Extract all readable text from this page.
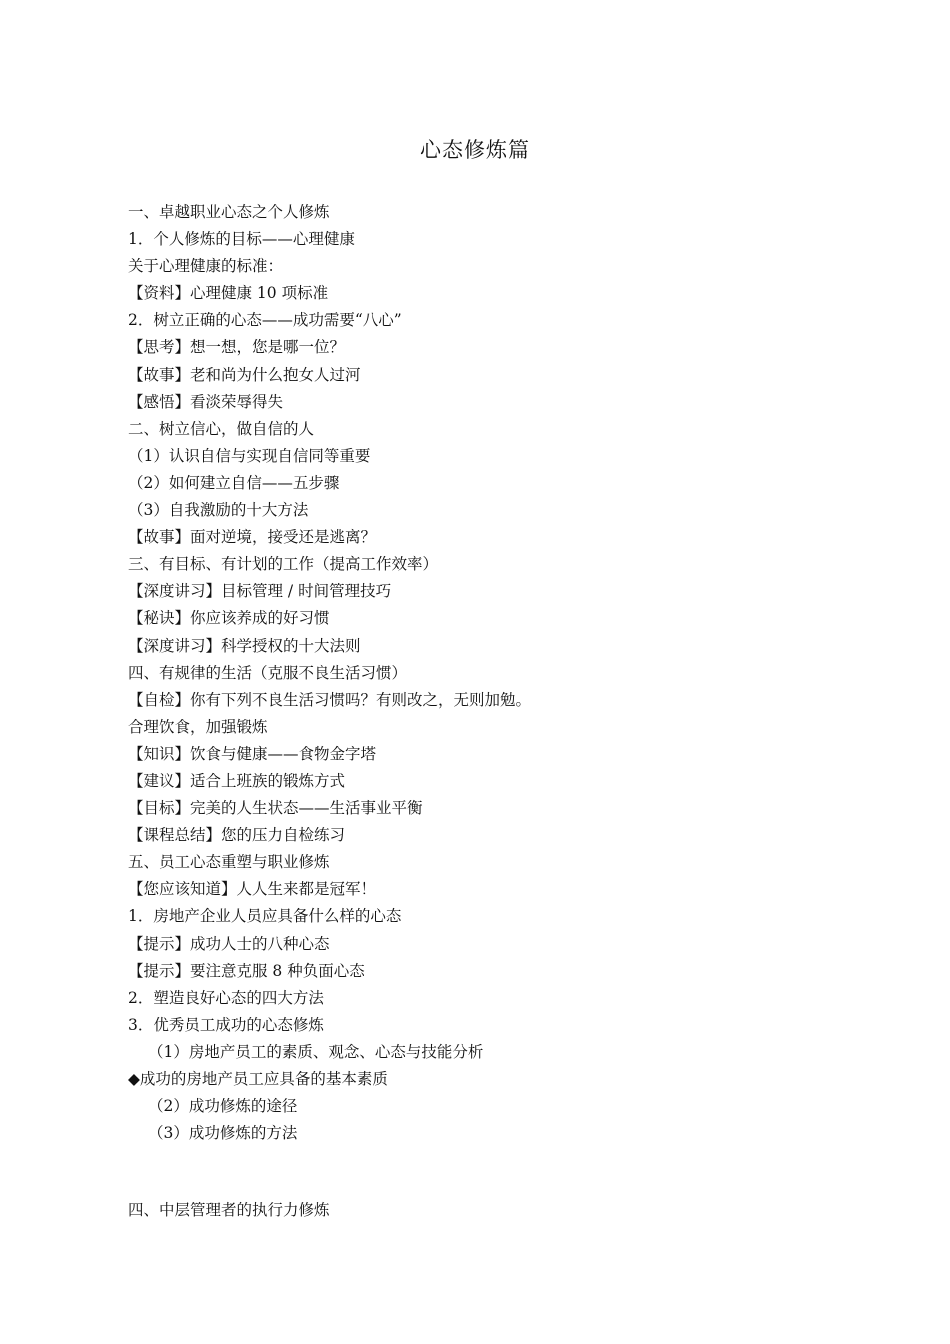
心态修炼篇
一、卓越职业心态之个人修炼
1．个人修炼的目标——心理健康
关于心理健康的标准：
【资料】心理健康 10 项标准
2．树立正确的心态——成功需要“八心”
【思考】想一想，您是哪一位？
【故事】老和尚为什么抱女人过河
【感悟】看淡荣辱得失
二、树立信心，做自信的人
（1）认识自信与实现自信同等重要
（2）如何建立自信——五步骤
（3）自我激励的十大方法
【故事】面对逆境，接受还是逃离？
三、有目标、有计划的工作（提高工作效率）
【深度讲习】目标管理 / 时间管理技巧
【秘诀】你应该养成的好习惯
【深度讲习】科学授权的十大法则
四、有规律的生活（克服不良生活习惯）
【自检】你有下列不良生活习惯吗？有则改之，无则加勉。
合理饮食，加强锻炼
【知识】饮食与健康——食物金字塔
【建议】适合上班族的锻炼方式
【目标】完美的人生状态——生活事业平衡
【课程总结】您的压力自检练习
五、员工心态重塑与职业修炼
【您应该知道】人人生来都是冠军！
1．房地产企业人员应具备什么样的心态
【提示】成功人士的八种心态
【提示】要注意克服 8 种负面心态
2．塑造良好心态的四大方法
3．优秀员工成功的心态修炼
（1）房地产员工的素质、观念、心态与技能分析
◆成功的房地产员工应具备的基本素质
（2）成功修炼的途径
（3）成功修炼的方法
四、中层管理者的执行力修炼
